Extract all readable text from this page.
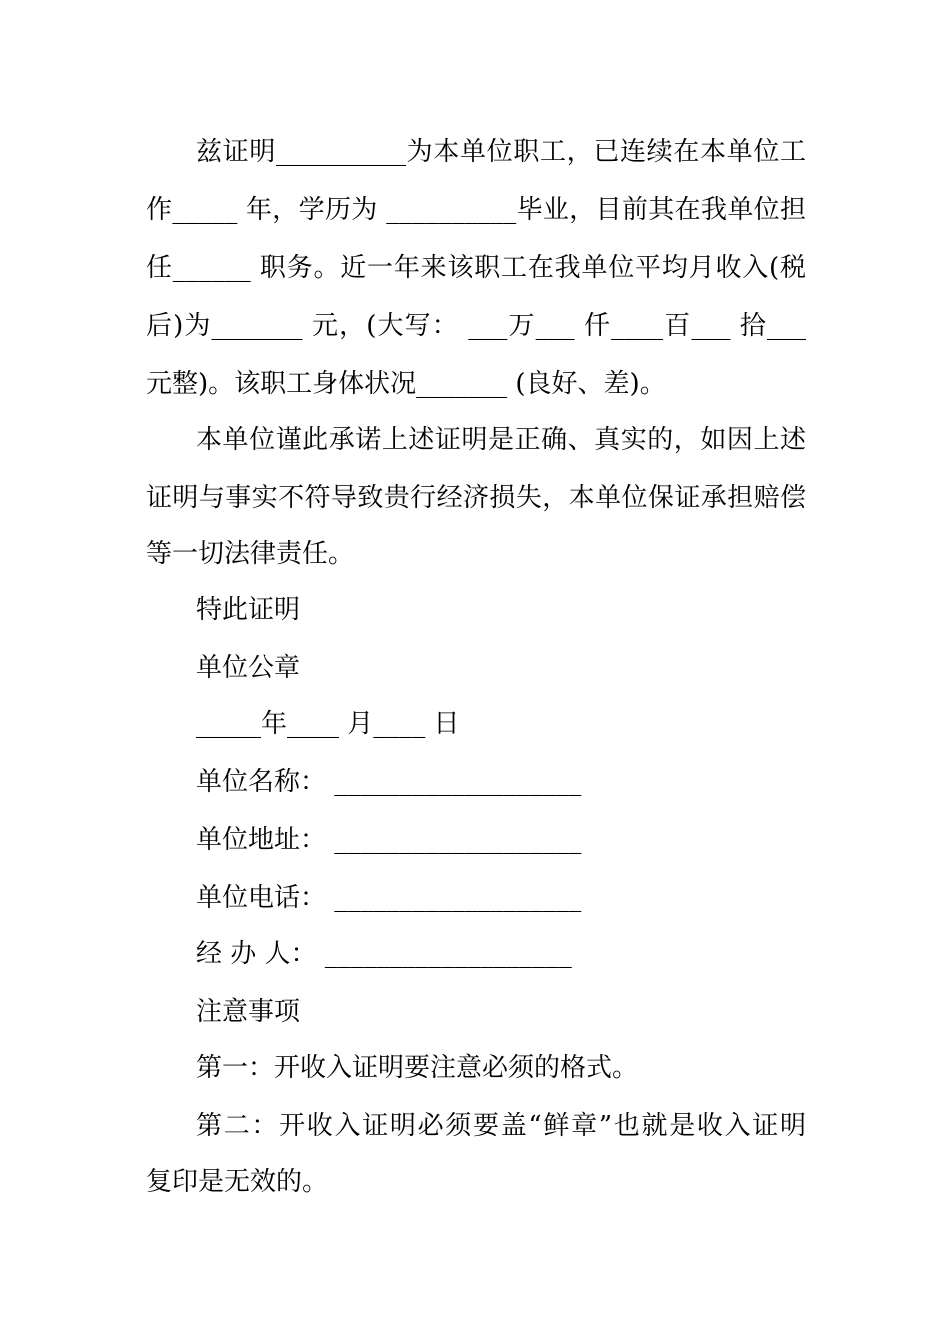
兹证明__________为本单位职工，已连续在本单位工
作_____ 年，学历为 __________毕业，目前其在我单位担
任______ 职务。近一年来该职工在我单位平均月收入(税
后)为_______ 元，(大写： ___万___ 仟____百___ 拾___
元整)。该职工身体状况_______ (良好、差)。
本单位谨此承诺上述证明是正确、真实的，如因上述
证明与事实不符导致贵行经济损失，本单位保证承担赔偿
等一切法律责任。
特此证明
单位公章
_____年____ 月____ 日
单位名称： ___________________
单位地址： ___________________
单位电话： ___________________
经 办 人： ___________________
注意事项
第一：开收入证明要注意必须的格式。
第二：开收入证明必须要盖“鲜章”也就是收入证明
复印是无效的。
